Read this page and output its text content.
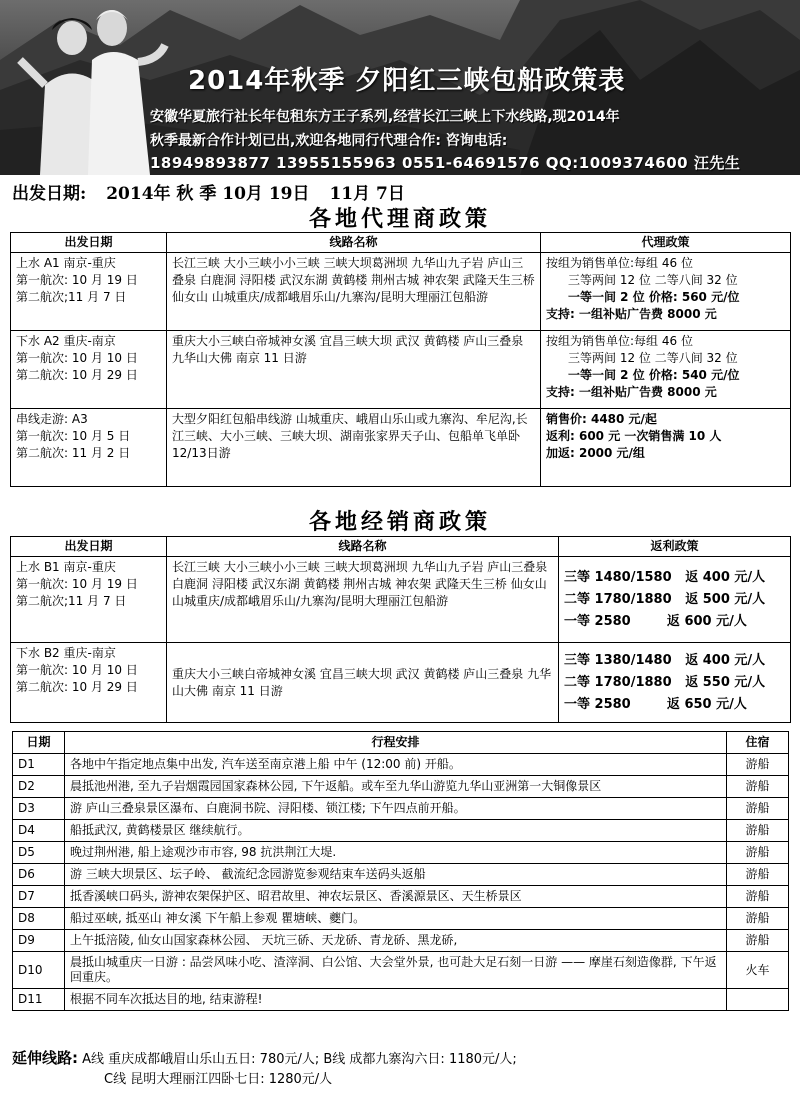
2014年秋季 夕阳红三峡包船政策表
安徽华夏旅行社长年包租东方王子系列,经营长江三峡上下水线路,现2014年
秋季最新合作计划已出,欢迎各地同行代理合作: 咨询电话:
18949893877 13955155963 0551-64691576 QQ:1009374600 汪先生
出发日期: 2014年 秋 季 10月 19日 11月 7日
各地代理商政策
出发日期	线路名称	代理政策

上水 A1 南京-重庆
第一航次: 10 月 19 日
第二航次;11 月 7 日	长江三峡 大小三峡小小三峡 三峡大坝葛洲坝 九华山九子岩 庐山三叠泉 白鹿洞 浔阳楼 武汉东湖 黄鹤楼 荆州古城 神农架 武隆天生三桥 仙女山 山城重庆/成都峨眉乐山/九寨沟/昆明大理丽江包船游	按组为销售单位:每组 46 位
三等两间 12 位 二等八间 32 位
一等一间 2 位 价格: 560 元/位
支持: 一组补贴广告费 8000 元

下水 A2 重庆-南京
第一航次: 10 月 10 日
第二航次: 10 月 29 日	重庆大小三峡白帝城神女溪 宜昌三峡大坝 武汉 黄鹤楼 庐山三叠泉 九华山大佛 南京 11 日游	按组为销售单位:每组 46 位
三等两间 12 位 二等八间 32 位
一等一间 2 位 价格: 540 元/位
支持: 一组补贴广告费 8000 元

串线走游: A3
第一航次: 10 月 5 日
第二航次: 11 月 2 日	大型夕阳红包船串线游 山城重庆、峨眉山乐山或九寨沟、牟尼沟,长江三峡、大小三峡、三峡大坝、湖南张家界天子山、包船单飞单卧 12/13日游	销售价: 4480 元/起
返利: 600 元 一次销售满 10 人
加返: 2000 元/组
各地经销商政策
出发日期	线路名称	返利政策

上水 B1 南京-重庆
第一航次: 10 月 19 日
第二航次;11 月 7 日	长江三峡 大小三峡小小三峡 三峡大坝葛洲坝 九华山九子岩 庐山三叠泉 白鹿洞 浔阳楼 武汉东湖 黄鹤楼 荆州古城 神农架 武隆天生三桥 仙女山 山城重庆/成都峨眉乐山/九寨沟/昆明大理丽江包船游	三等 1480/1580   返 400 元/人
二等 1780/1880   返 500 元/人
一等 2580        返 600 元/人

下水 B2 重庆-南京
第一航次: 10 月 10 日
第二航次: 10 月 29 日	重庆大小三峡白帝城神女溪 宜昌三峡大坝 武汉 黄鹤楼 庐山三叠泉 九华山大佛 南京 11 日游	三等 1380/1480   返 400 元/人
二等 1780/1880   返 550 元/人
一等 2580        返 650 元/人
日期	行程安排	住宿
D1	各地中午指定地点集中出发, 汽车送至南京港上船 中午 (12:00 前) 开船。	游船
D2	晨抵池州港, 至九子岩烟霞园国家森林公园, 下午返船。或车至九华山游览九华山亚洲第一大铜像景区	游船
D3	游 庐山三叠泉景区瀑布、白鹿洞书院、浔阳楼、锁江楼; 下午四点前开船。	游船
D4	船抵武汉, 黄鹤楼景区 继续航行。	游船
D5	晚过荆州港, 船上途观沙市市容, 98 抗洪荆江大堤.	游船
D6	游 三峡大坝景区、坛子岭、 截流纪念园游览参观结束车送码头返船	游船
D7	抵香溪峡口码头, 游神农架保护区、昭君故里、神农坛景区、香溪源景区、天生桥景区	游船
D8	船过巫峡, 抵巫山 神女溪 下午船上参观 瞿塘峡、夔门。	游船
D9	上午抵涪陵, 仙女山国家森林公园、 天坑三硚、天龙硚、青龙硚、黑龙硚,	游船
D10	晨抵山城重庆一日游 : 品尝风味小吃、渣滓洞、白公馆、大会堂外景, 也可赴大足石刻一日游 —— 摩崖石刻造像群, 下午返回重庆。	火车
D11	根据不同车次抵达目的地, 结束游程!	
延伸线路: A线 重庆成都峨眉山乐山五日: 780元/人; B线 成都九寨沟六日: 1180元/人;
C线 昆明大理丽江四卧七日: 1280元/人
